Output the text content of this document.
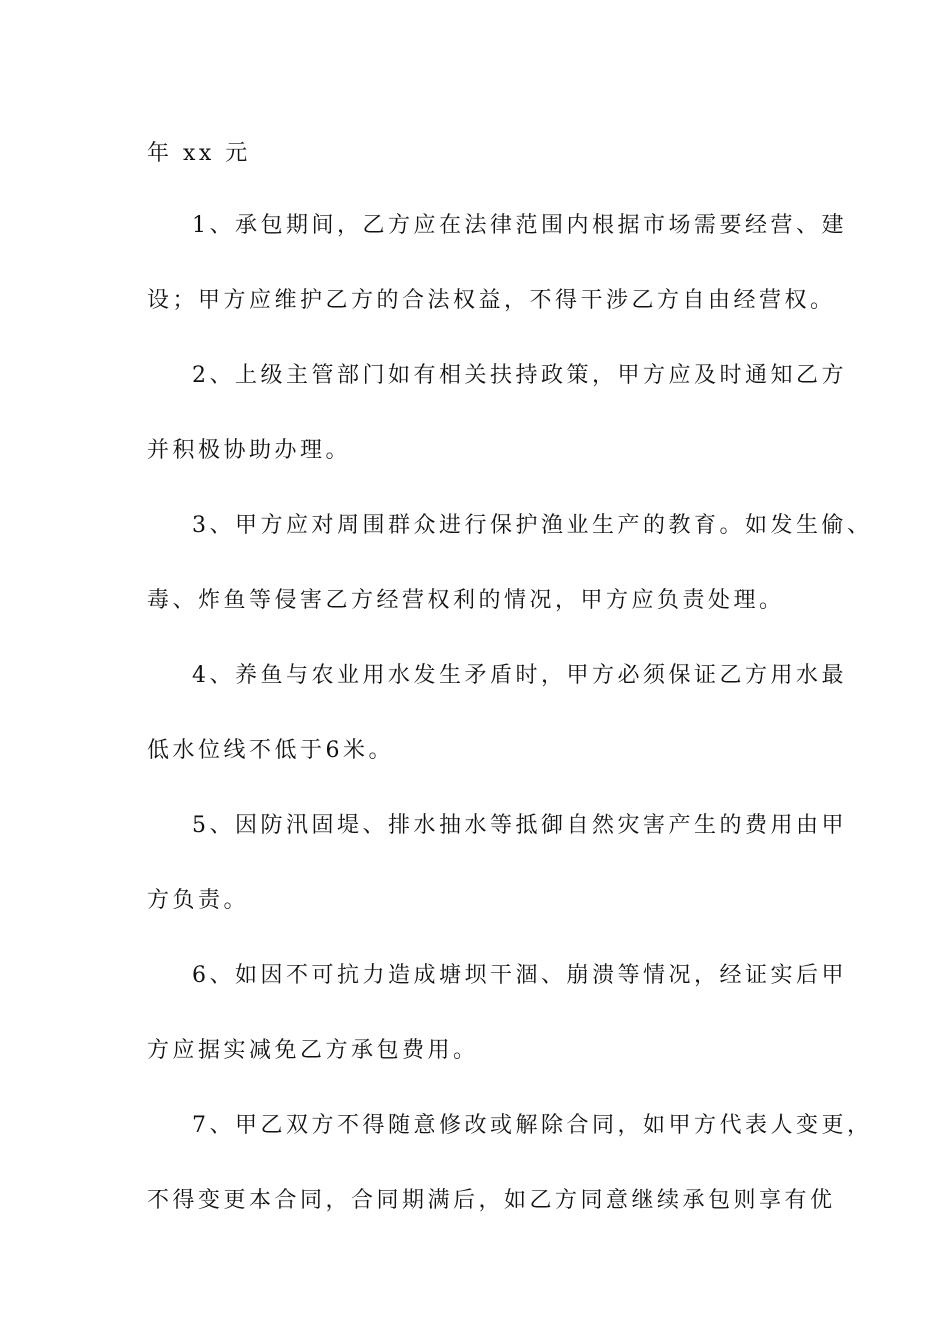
年 xx 元

1、承包期间，乙方应在法律范围内根据市场需要经营、建

设；甲方应维护乙方的合法权益，不得干涉乙方自由经营权。

2、上级主管部门如有相关扶持政策，甲方应及时通知乙方

并积极协助办理。

3、甲方应对周围群众进行保护渔业生产的教育。如发生偷、

毒、炸鱼等侵害乙方经营权利的情况，甲方应负责处理。

4、养鱼与农业用水发生矛盾时，甲方必须保证乙方用水最

低水位线不低于6米。

5、因防汛固堤、排水抽水等抵御自然灾害产生的费用由甲

方负责。

6、如因不可抗力造成塘坝干涸、崩溃等情况，经证实后甲

方应据实减免乙方承包费用。

7、甲乙双方不得随意修改或解除合同，如甲方代表人变更，

不得变更本合同，合同期满后，如乙方同意继续承包则享有优
